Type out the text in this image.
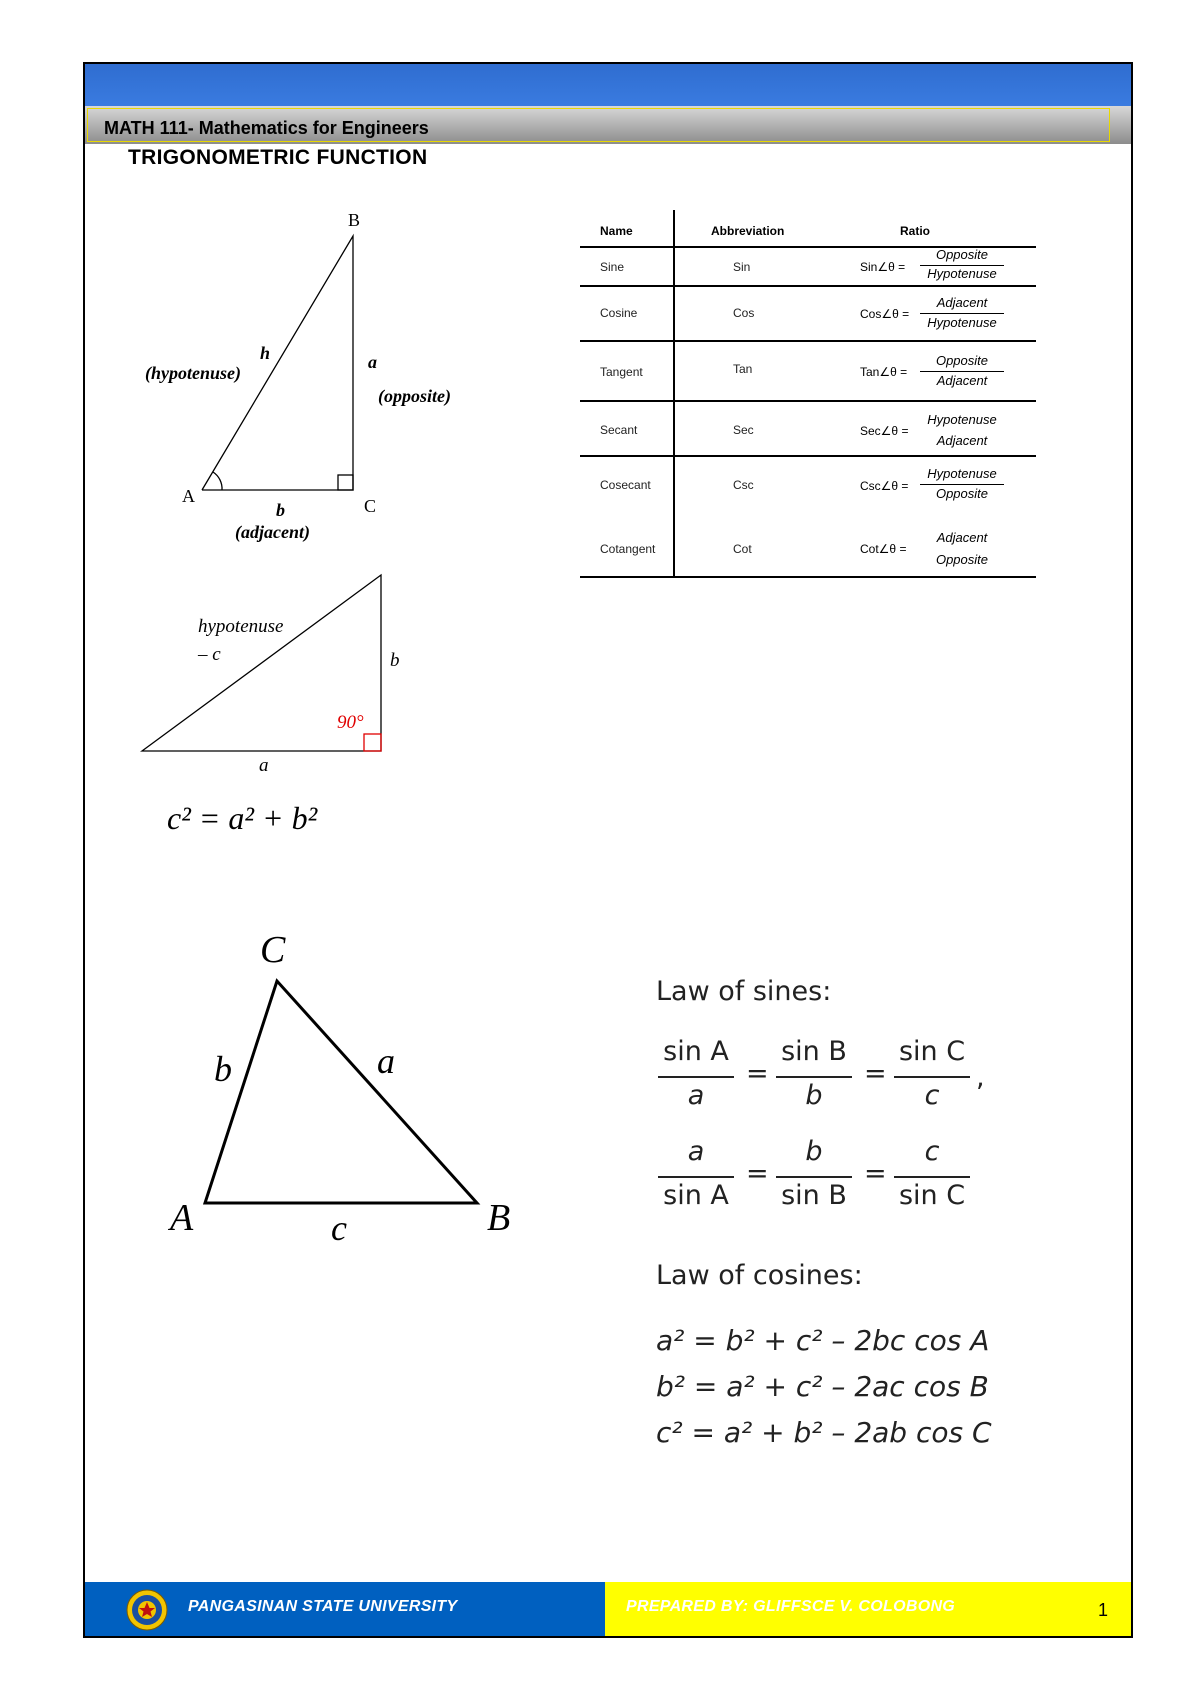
MATH 111- Mathematics for Engineers
TRIGONOMETRIC FUNCTION
B
A	C
h
(hypotenuse)
a
(opposite)
b
(adjacent)
hypotenuse
– c	b
a
90°
c² = a² + b²
Name	Abbreviation	Ratio
Sine	Sin	Sin∠θ =
Opposite
Hypotenuse
Cosine	Cos	Cos∠θ =
Adjacent
Hypotenuse
Tangent	Tan	Tan∠θ =
Opposite
Adjacent
Secant	Sec	Sec∠θ =
Hypotenuse
Adjacent
Cosecant	Csc	Csc∠θ =
Hypotenuse
Opposite
Cotangent	Cot	Cot∠θ =
Adjacent
Opposite
C
A	B
b	a
c
Law of sines:
sin A
a
=
sin B
b
=
sin C
c
,
a
sin A
=
b
sin B
=
c
sin C
Law of cosines:
a² = b² + c² – 2bc cos A
b² = a² + c² – 2ac cos B
c² = a² + b² – 2ab cos C
PANGASINAN STATE UNIVERSITY	PREPARED BY: GLIFFSCE V. COLOBONG	1
